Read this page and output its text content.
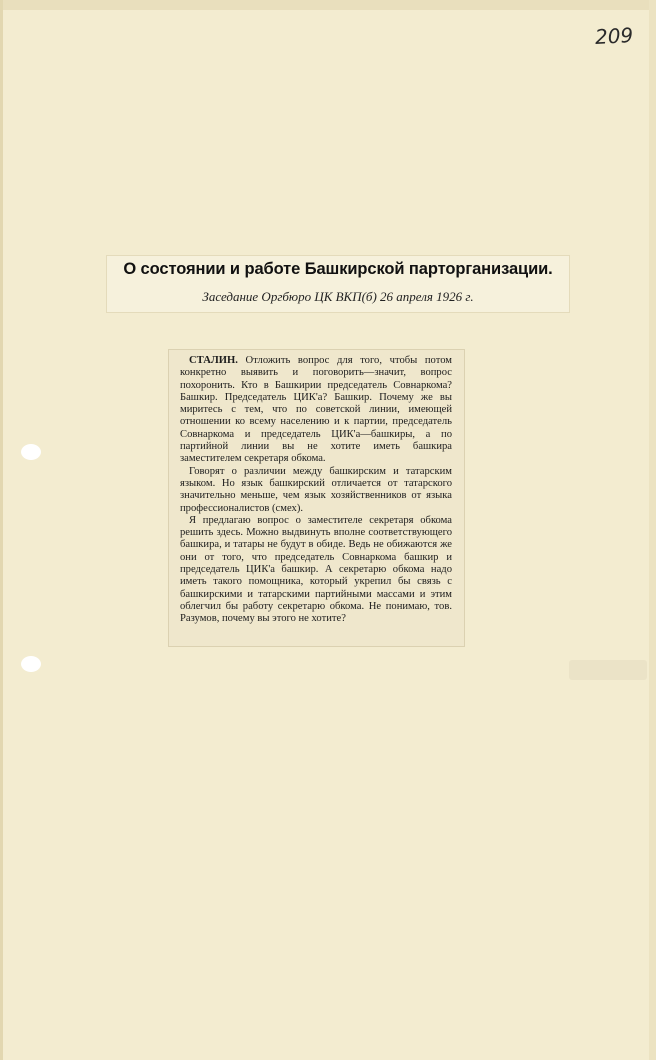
209
О состоянии и работе Башкирской парторганизации.
Заседание Оргбюро ЦК ВКП(б) 26 апреля 1926 г.

СТАЛИН. Отложить вопрос для того, чтобы потом конкретно выявить и поговорить—значит, вопрос похоронить. Кто в Башкирии председатель Совнаркома? Башкир. Председатель ЦИК'а? Башкир. Почему же вы миритесь с тем, что по советской линии, имеющей отношении ко всему населению и к партии, председатель Совнаркома и председатель ЦИК'а—башкиры, а по партийной линии вы не хотите иметь башкира заместителем секретаря обкома.

Говорят о различии между башкирским и татарским языком. Но язык башкирский отличается от татарского значительно меньше, чем язык хозяйственников от языка профессионалистов (смех).

Я предлагаю вопрос о заместителе секретаря обкома решить здесь. Можно выдвинуть вполне соответствующего башкира, и татары не будут в обиде. Ведь не обижаются же они от того, что председатель Совнаркома башкир и председатель ЦИК'а башкир. А секретарю обкома надо иметь такого помощника, который укрепил бы связь с башкирскими и татарскими партийными массами и этим облегчил бы работу секретарю обкома. Не понимаю, тов. Разумов, почему вы этого не хотите?
